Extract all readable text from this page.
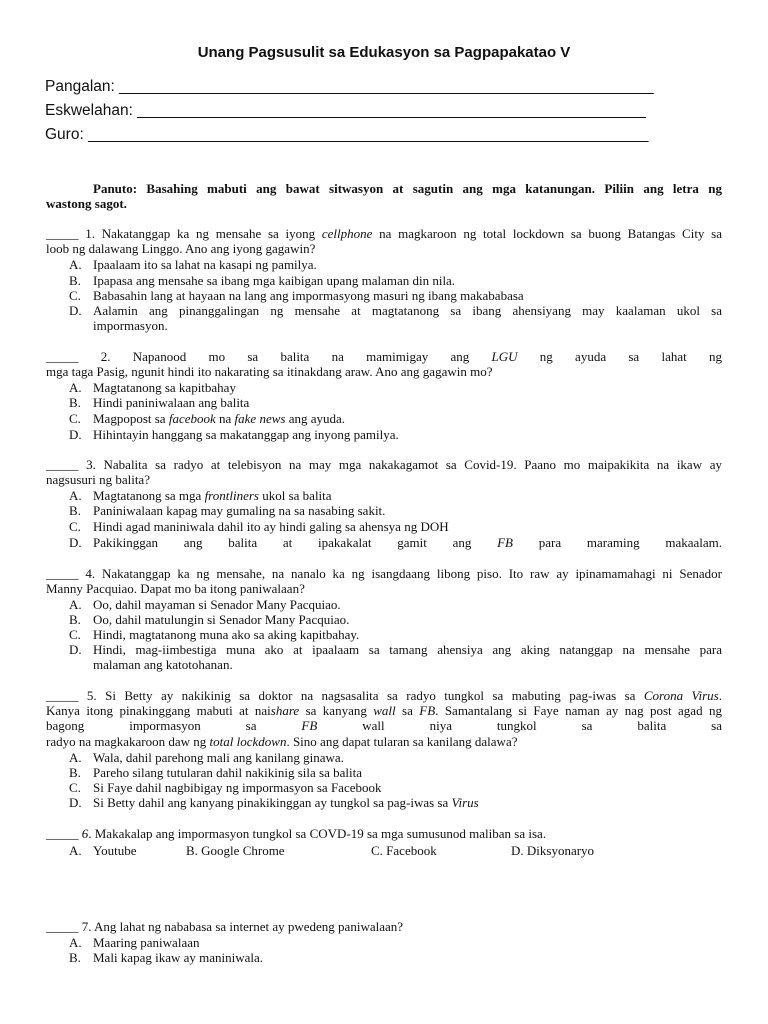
Unang Pagsusulit sa Edukasyon sa Pagpapakatao V
Pangalan: ______________________________________________________________
Eskwelahan: ___________________________________________________________
Guro: _________________________________________________________________
Panuto: Basahing mabuti ang bawat sitwasyon at sagutin ang mga katanungan. Piliin ang letra ng
wastong sagot.
_____ 1. Nakatanggap ka ng mensahe sa iyong cellphone na magkaroon ng total lockdown sa buong Batangas City sa
loob ng dalawang Linggo. Ano ang iyong gagawin?
A. Ipaalaam ito sa lahat na kasapi ng pamilya.
B. Ipapasa ang mensahe sa ibang mga kaibigan upang malaman din nila.
C. Babasahin lang at hayaan na lang ang impormasyong masuri ng ibang makababasa
D. Aalamin ang pinanggalingan ng mensahe at magtatanong sa ibang ahensiyang may kaalaman ukol sa
impormasyon.
_____ 2. Napanood mo sa balita na mamimigay ang LGU ng ayuda sa lahat ng
mga taga Pasig, ngunit hindi ito nakarating sa itinakdang araw. Ano ang gagawin mo?
A. Magtatanong sa kapitbahay
B. Hindi paniniwalaan ang balita
C. Magpopost sa facebook na fake news ang ayuda.
D. Hihintayin hanggang sa makatanggap ang inyong pamilya.
_____ 3. Nabalita sa radyo at telebisyon na may mga nakakagamot sa Covid-19. Paano mo maipakikita na ikaw ay
nagsusuri ng balita?
A. Magtatanong sa mga frontliners ukol sa balita
B. Paniniwalaan kapag may gumaling na sa nasabing sakit.
C. Hindi agad maniniwala dahil ito ay hindi galing sa ahensya ng DOH
D. Pakikinggan ang balita at ipakakalat gamit ang FB para maraming makaalam.
_____ 4. Nakatanggap ka ng mensahe, na nanalo ka ng isangdaang libong piso. Ito raw ay ipinamamahagi ni Senador
Manny Pacquiao. Dapat mo ba itong paniwalaan?
A. Oo, dahil mayaman si Senador Many Pacquiao.
B. Oo, dahil matulungin si Senador Many Pacquiao.
C. Hindi, magtatanong muna ako sa aking kapitbahay.
D. Hindi, mag-iimbestiga muna ako at ipaalaam sa tamang ahensiya ang aking natanggap na mensahe para
malaman ang katotohanan.
_____ 5. Si Betty ay nakikinig sa doktor na nagsasalita sa radyo tungkol sa mabuting pag-iwas sa Corona Virus.
Kanya itong pinakinggang mabuti at naishare sa kanyang wall sa FB. Samantalang si Faye naman ay nag post agad ng
bagong impormasyon sa FB wall niya tungkol sa balita sa
radyo na magkakaroon daw ng total lockdown. Sino ang dapat tularan sa kanilang dalawa?
A. Wala, dahil parehong mali ang kanilang ginawa.
B. Pareho silang tutularan dahil nakikinig sila sa balita
C. Si Faye dahil nagbibigay ng impormasyon sa Facebook
D. Si Betty dahil ang kanyang pinakikinggan ay tungkol sa pag-iwas sa Virus
_____ 6. Makakalap ang impormasyon tungkol sa COVD-19 sa mga sumusunod maliban sa isa.
A. Youtube	B. Google Chrome	C. Facebook	D. Diksyonaryo
_____ 7. Ang lahat ng nababasa sa internet ay pwedeng paniwalaan?
A. Maaring paniwalaan
B. Mali kapag ikaw ay maniniwala.
